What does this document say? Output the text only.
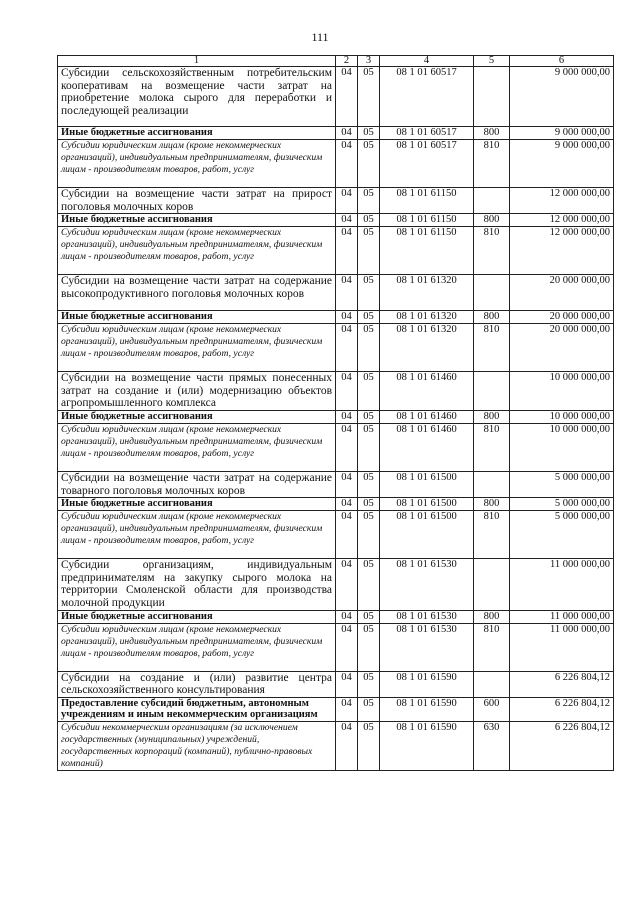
111
1	2	3	4	5	6
Субсидии сельскохозяйственным потребительским кооперативам на возмещение части затрат на приобретение молока сырого для переработки и последующей реализации	04	05	08 1 01 60517		9 000 000,00
Иные бюджетные ассигнования	04	05	08 1 01 60517	800	9 000 000,00
Субсидии юридическим лицам (кроме некоммерческих организаций), индивидуальным предпринимателям, физическим лицам - производителям товаров, работ, услуг	04	05	08 1 01 60517	810	9 000 000,00
Субсидии на возмещение части затрат на прирост поголовья молочных коров	04	05	08 1 01 61150		12 000 000,00
Иные бюджетные ассигнования	04	05	08 1 01 61150	800	12 000 000,00
Субсидии юридическим лицам (кроме некоммерческих организаций), индивидуальным предпринимателям, физическим лицам - производителям товаров, работ, услуг	04	05	08 1 01 61150	810	12 000 000,00
Субсидии на возмещение части затрат на содержание высокопродуктивного поголовья молочных коров	04	05	08 1 01 61320		20 000 000,00
Иные бюджетные ассигнования	04	05	08 1 01 61320	800	20 000 000,00
Субсидии юридическим лицам (кроме некоммерческих организаций), индивидуальным предпринимателям, физическим лицам - производителям товаров, работ, услуг	04	05	08 1 01 61320	810	20 000 000,00
Субсидии на возмещение части прямых понесенных затрат на создание и (или) модернизацию объектов агропромышленного комплекса	04	05	08 1 01 61460		10 000 000,00
Иные бюджетные ассигнования	04	05	08 1 01 61460	800	10 000 000,00
Субсидии юридическим лицам (кроме некоммерческих организаций), индивидуальным предпринимателям, физическим лицам - производителям товаров, работ, услуг	04	05	08 1 01 61460	810	10 000 000,00
Субсидии на возмещение части затрат на содержание товарного поголовья молочных коров	04	05	08 1 01 61500		5 000 000,00
Иные бюджетные ассигнования	04	05	08 1 01 61500	800	5 000 000,00
Субсидии юридическим лицам (кроме некоммерческих организаций), индивидуальным предпринимателям, физическим лицам - производителям товаров, работ, услуг	04	05	08 1 01 61500	810	5 000 000,00
Субсидии организациям, индивидуальным предпринимателям на закупку сырого молока на территории Смоленской области для производства молочной продукции	04	05	08 1 01 61530		11 000 000,00
Иные бюджетные ассигнования	04	05	08 1 01 61530	800	11 000 000,00
Субсидии юридическим лицам (кроме некоммерческих организаций), индивидуальным предпринимателям, физическим лицам - производителям товаров, работ, услуг	04	05	08 1 01 61530	810	11 000 000,00
Субсидии на создание и (или) развитие центра сельскохозяйственного консультирования	04	05	08 1 01 61590		6 226 804,12
Предоставление субсидий бюджетным, автономным учреждениям и иным некоммерческим организациям	04	05	08 1 01 61590	600	6 226 804,12
Субсидии некоммерческим организациям (за исключением государственных (муниципальных) учреждений, государственных корпораций (компаний), публично-правовых компаний)	04	05	08 1 01 61590	630	6 226 804,12
